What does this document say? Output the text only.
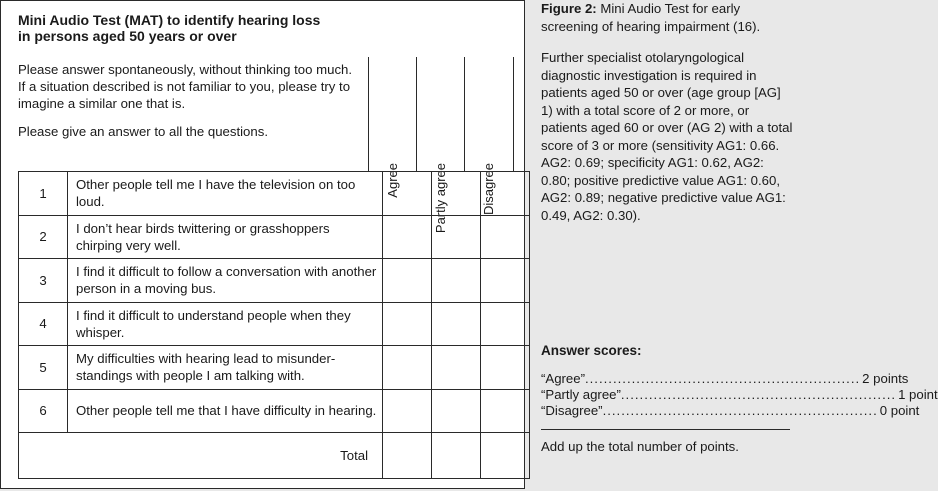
Mini Audio Test (MAT) to identify hearing loss
in persons aged 50 years or over

Please answer spontaneously, without thinking too much.

If a situation described is not familiar to you, please try to imagine a similar one that is.

Please give an answer to all the questions.

Agree	Partly agree	Disagree
1	Other people tell me I have the television on too loud.			
2	I don’t hear birds twittering or grasshoppers chirping very well.			
3	I find it difficult to follow a conversation with another person in a moving bus.			
4	I find it difficult to understand people when they whisper.			
5	My difficulties with hearing lead to misunder-standings with people I am talking with.			
6	Other people tell me that I have difficulty in hearing.			
Total				

Figure 2: Mini Audio Test for early screening of hearing impairment (16).

Further specialist otolaryngological diagnostic investigation is required in patients aged 50 or over (age group [AG] 1) with a total score of 2 or more, or patients aged 60 or over (AG 2) with a total score of 3 or more (sensitivity AG1: 0.66. AG2: 0.69; specificity AG1: 0.62, AG2: 0.80; positive predictive value AG1: 0.60, AG2: 0.89; negative predictive value AG1: 0.49, AG2: 0.30).

Answer scores:
“Agree” ........................................................... 2 points
“Partly agree” ........................................................... 1 point
“Disagree” ........................................................... 0 point
Add up the total number of points.
